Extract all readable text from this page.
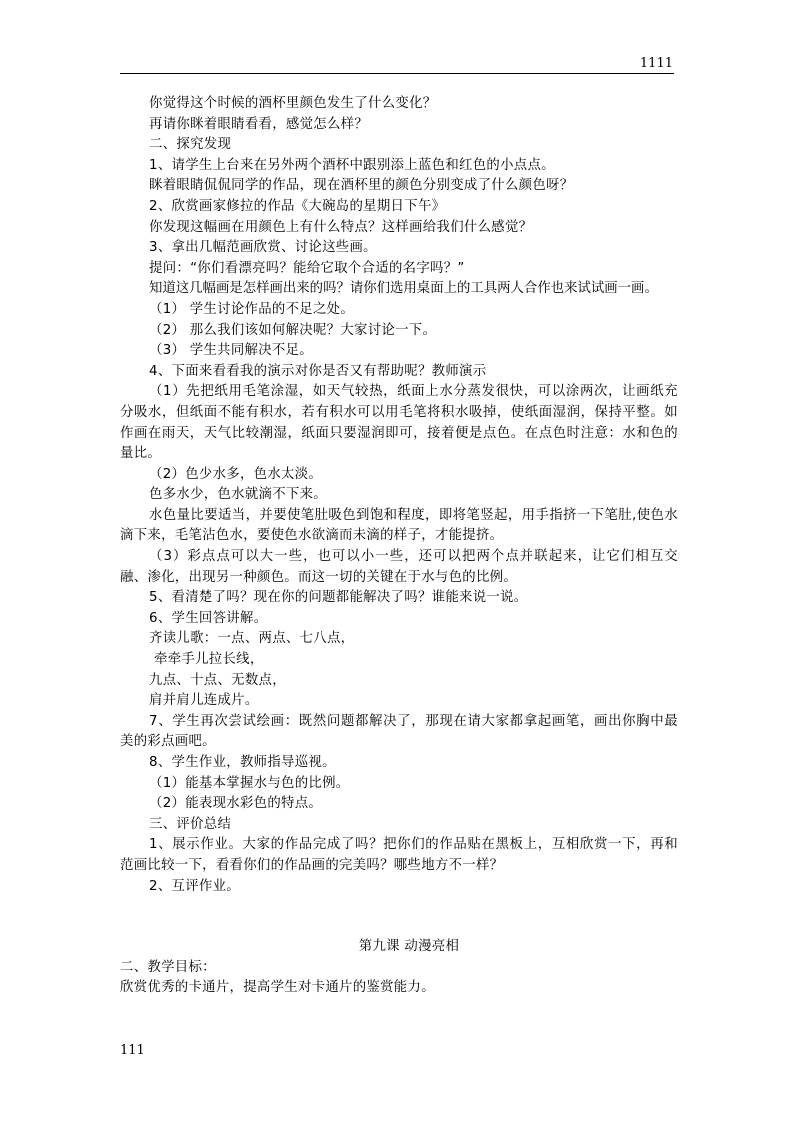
1111
你觉得这个时候的酒杯里颜色发生了什么变化？
再请你眯着眼睛看看，感觉怎么样？
二、探究发现
1、请学生上台来在另外两个酒杯中跟别添上蓝色和红色的小点点。
眯着眼睛侃侃同学的作品，现在酒杯里的颜色分别变成了什么颜色呀？
2、欣赏画家修拉的作品《大碗岛的星期日下午》
你发现这幅画在用颜色上有什么特点？这样画给我们什么感觉？
3、拿出几幅范画欣赏、讨论这些画。
提问：“你们看漂亮吗？能给它取个合适的名字吗？”
知道这几幅画是怎样画出来的吗？请你们选用桌面上的工具两人合作也来试试画一画。
（1） 学生讨论作品的不足之处。
（2） 那么我们该如何解决呢？大家讨论一下。
（3） 学生共同解决不足。
4、下面来看看我的演示对你是否又有帮助呢？教师演示
（1）先把纸用毛笔涂湿，如天气较热，纸面上水分蒸发很快，可以涂两次，让画纸充分吸水，但纸面不能有积水，若有积水可以用毛笔将积水吸掉，使纸面湿润，保持平整。如作画在雨天，天气比较潮湿，纸面只要湿润即可，接着便是点色。在点色时注意：水和色的量比。
（2）色少水多，色水太淡。
色多水少，色水就滴不下来。
水色量比要适当，并要使笔肚吸色到饱和程度，即将笔竖起，用手指挤一下笔肚,使色水滴下来，毛笔沾色水，要使色水欲滴而未滴的样子，才能提挤。
（3）彩点点可以大一些，也可以小一些，还可以把两个点并联起来，让它们相互交融、渗化，出现另一种颜色。而这一切的关键在于水与色的比例。
5、看清楚了吗？现在你的问题都能解决了吗？谁能来说一说。
6、学生回答讲解。
齐读儿歌：一点、两点、七八点，
牵牵手儿拉长线，
九点、十点、无数点，
肩并肩儿连成片。
7、学生再次尝试绘画：既然问题都解决了，那现在请大家都拿起画笔，画出你胸中最美的彩点画吧。
8、学生作业，教师指导巡视。
（1）能基本掌握水与色的比例。
（2）能表现水彩色的特点。
三、评价总结
1、展示作业。大家的作品完成了吗？把你们的作品贴在黑板上，互相欣赏一下，再和范画比较一下，看看你们的作品画的完美吗？哪些地方不一样？
2、互评作业。
第九课 动漫亮相
二、教学目标：
欣赏优秀的卡通片，提高学生对卡通片的鉴赏能力。
111
